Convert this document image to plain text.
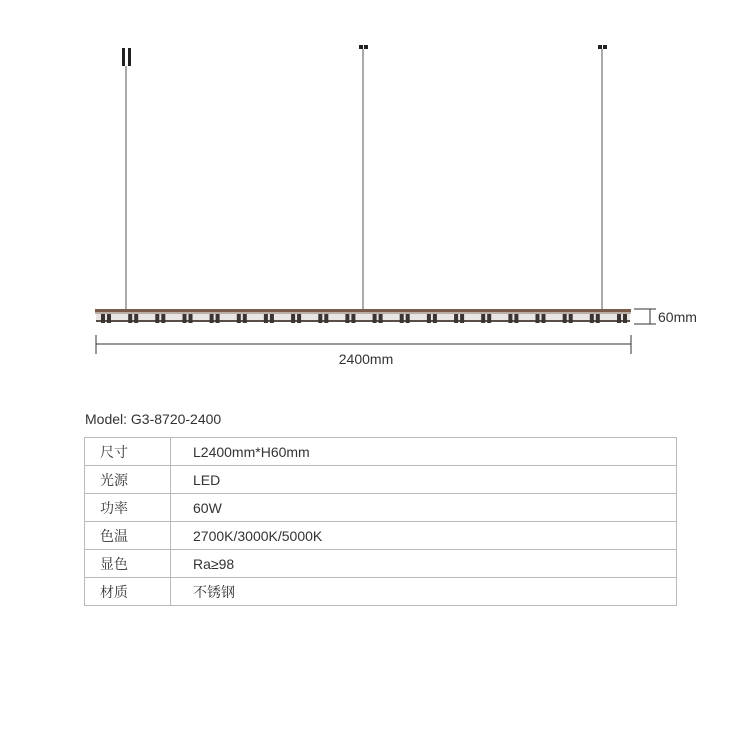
60mm
2400mm
Model: G3-8720-2400
尺寸	L2400mm*H60mm
光源	LED
功率	60W
色温	2700K/3000K/5000K
显色	Ra≥98
材质	不锈钢
